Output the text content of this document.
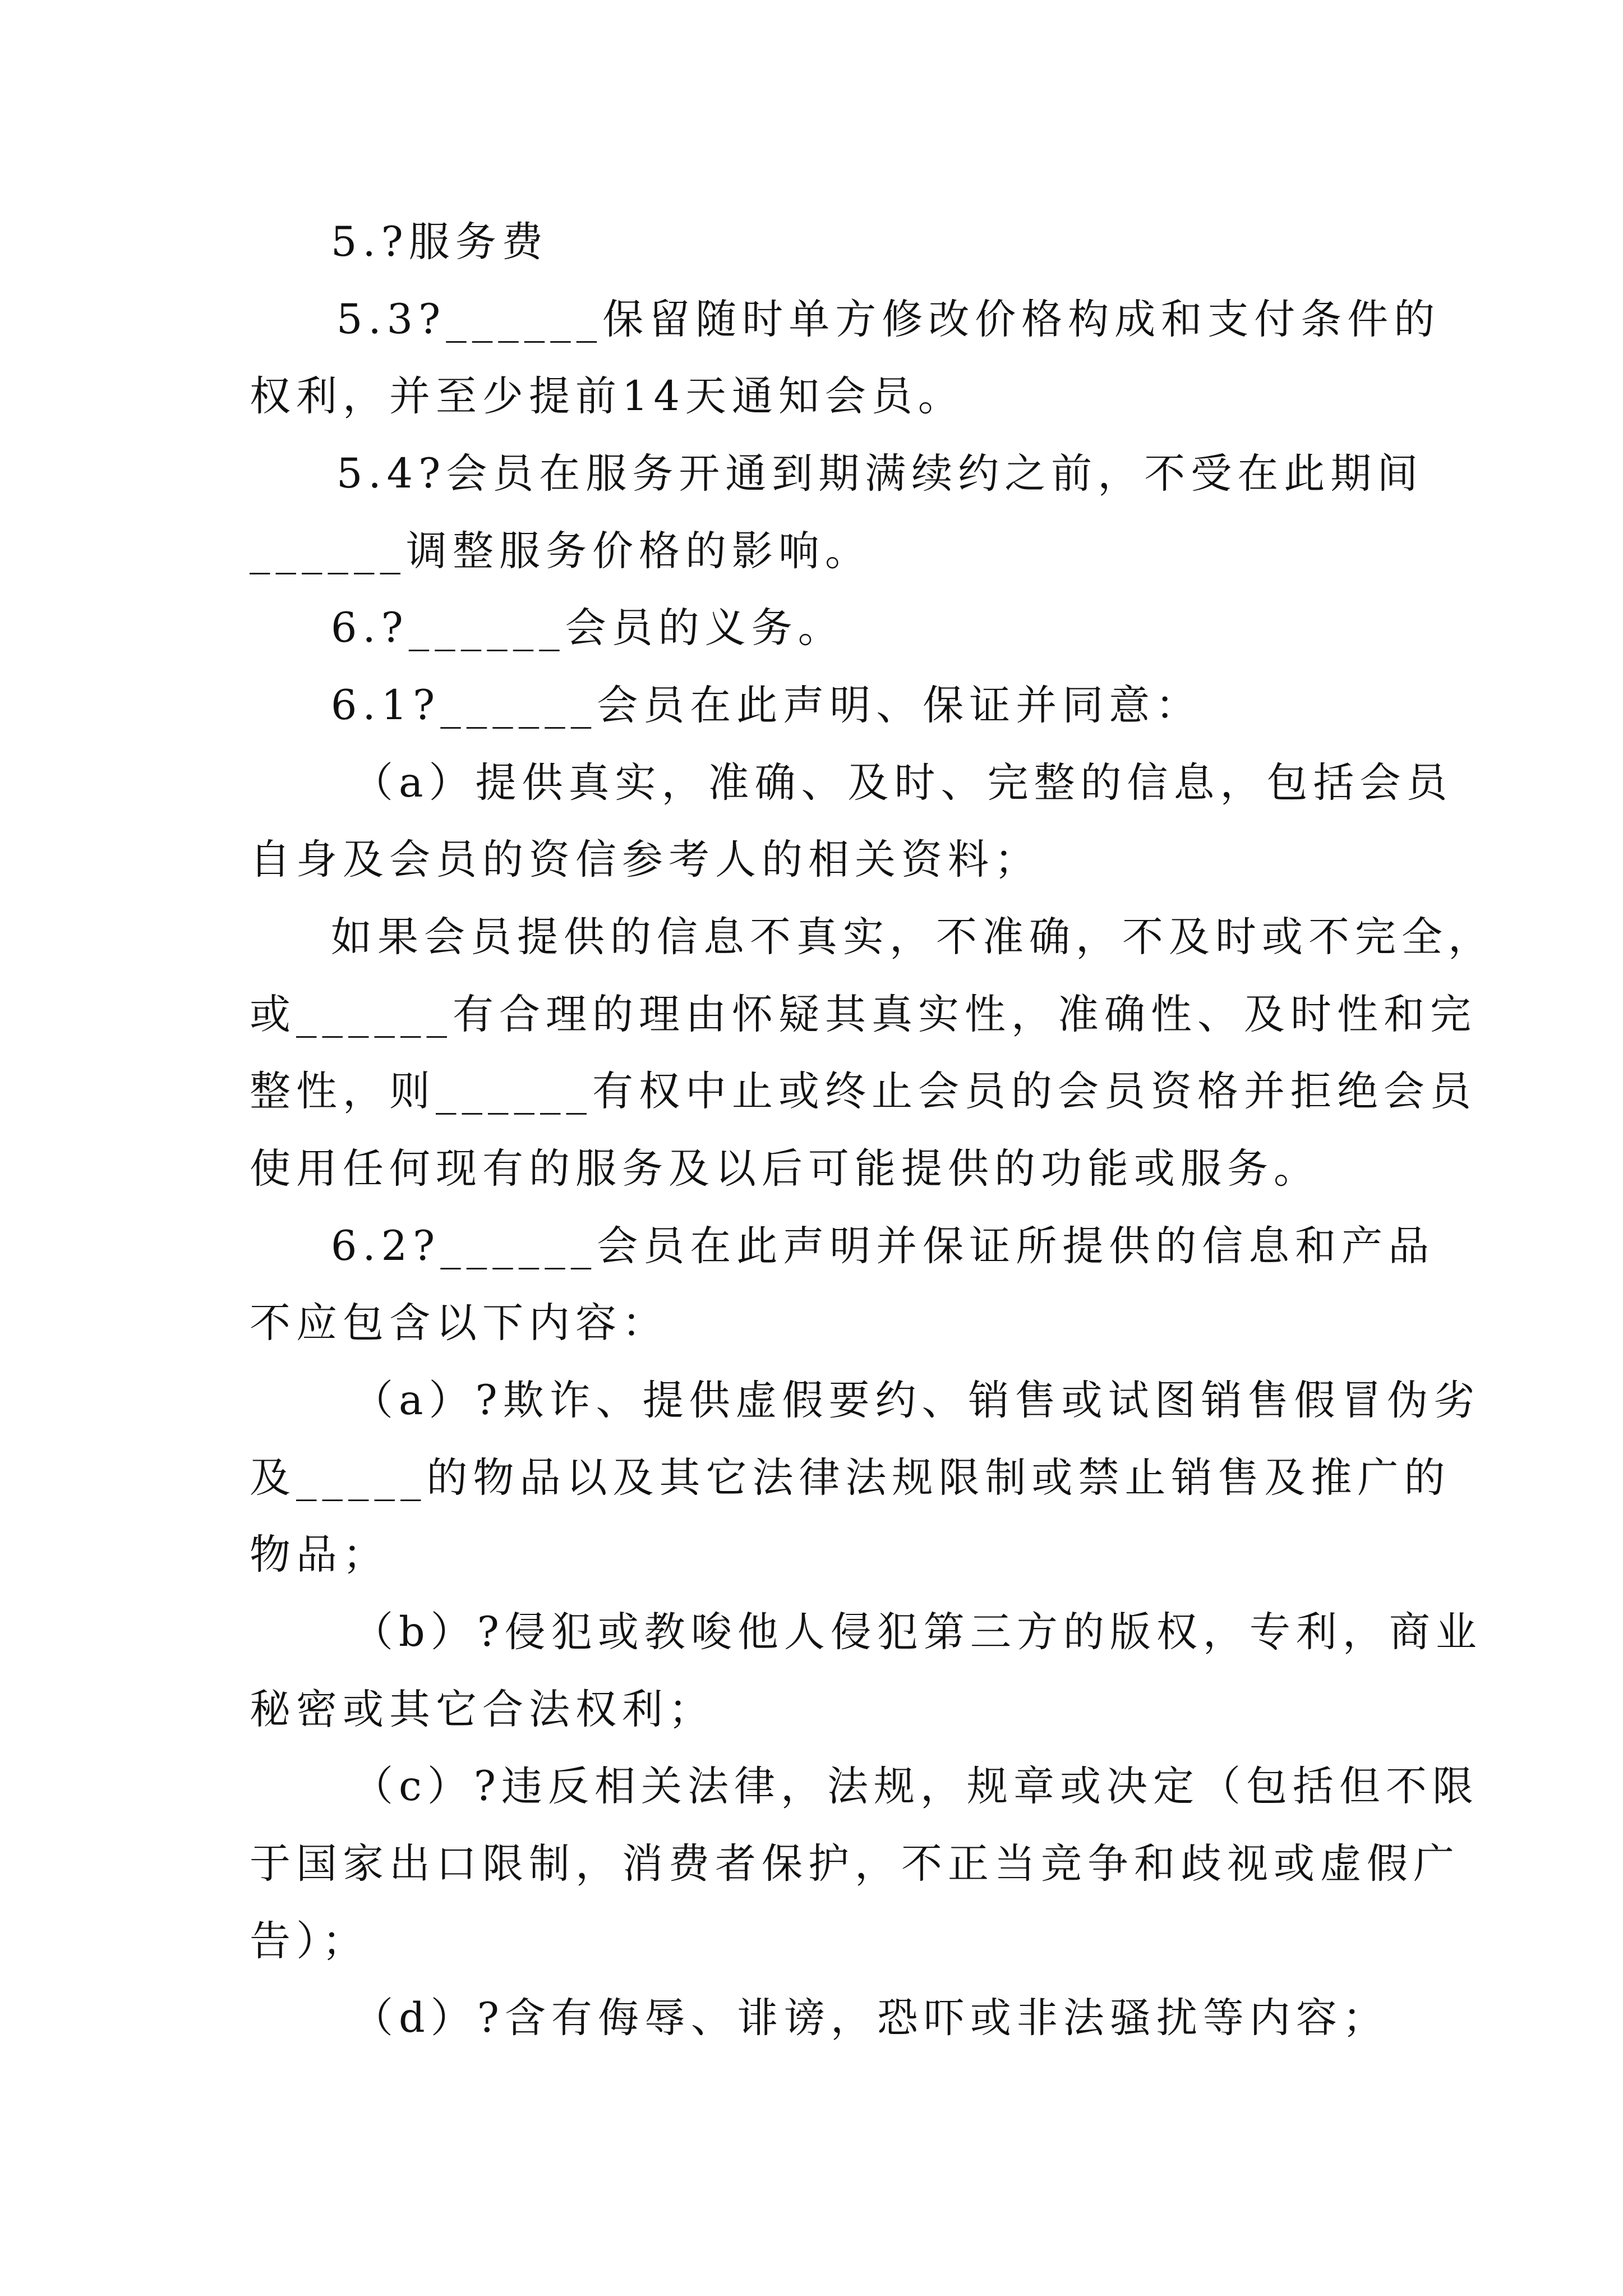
5.?服务费
5.3?______保留随时单方修改价格构成和支付条件的
权利，并至少提前14天通知会员。
5.4?会员在服务开通到期满续约之前，不受在此期间
______调整服务价格的影响。
6.?______会员的义务。
6.1?______会员在此声明、保证并同意：
（a）提供真实，准确、及时、完整的信息，包括会员
自身及会员的资信参考人的相关资料；
如果会员提供的信息不真实，不准确，不及时或不完全，
或______有合理的理由怀疑其真实性，准确性、及时性和完
整性，则______有权中止或终止会员的会员资格并拒绝会员
使用任何现有的服务及以后可能提供的功能或服务。
6.2?______会员在此声明并保证所提供的信息和产品
不应包含以下内容：
（a）?欺诈、提供虚假要约、销售或试图销售假冒伪劣
及_____的物品以及其它法律法规限制或禁止销售及推广的
物品；
（b）?侵犯或教唆他人侵犯第三方的版权，专利，商业
秘密或其它合法权利；
（c）?违反相关法律，法规，规章或决定（包括但不限
于国家出口限制，消费者保护，不正当竞争和歧视或虚假广
告）；
（d）?含有侮辱、诽谤，恐吓或非法骚扰等内容；
